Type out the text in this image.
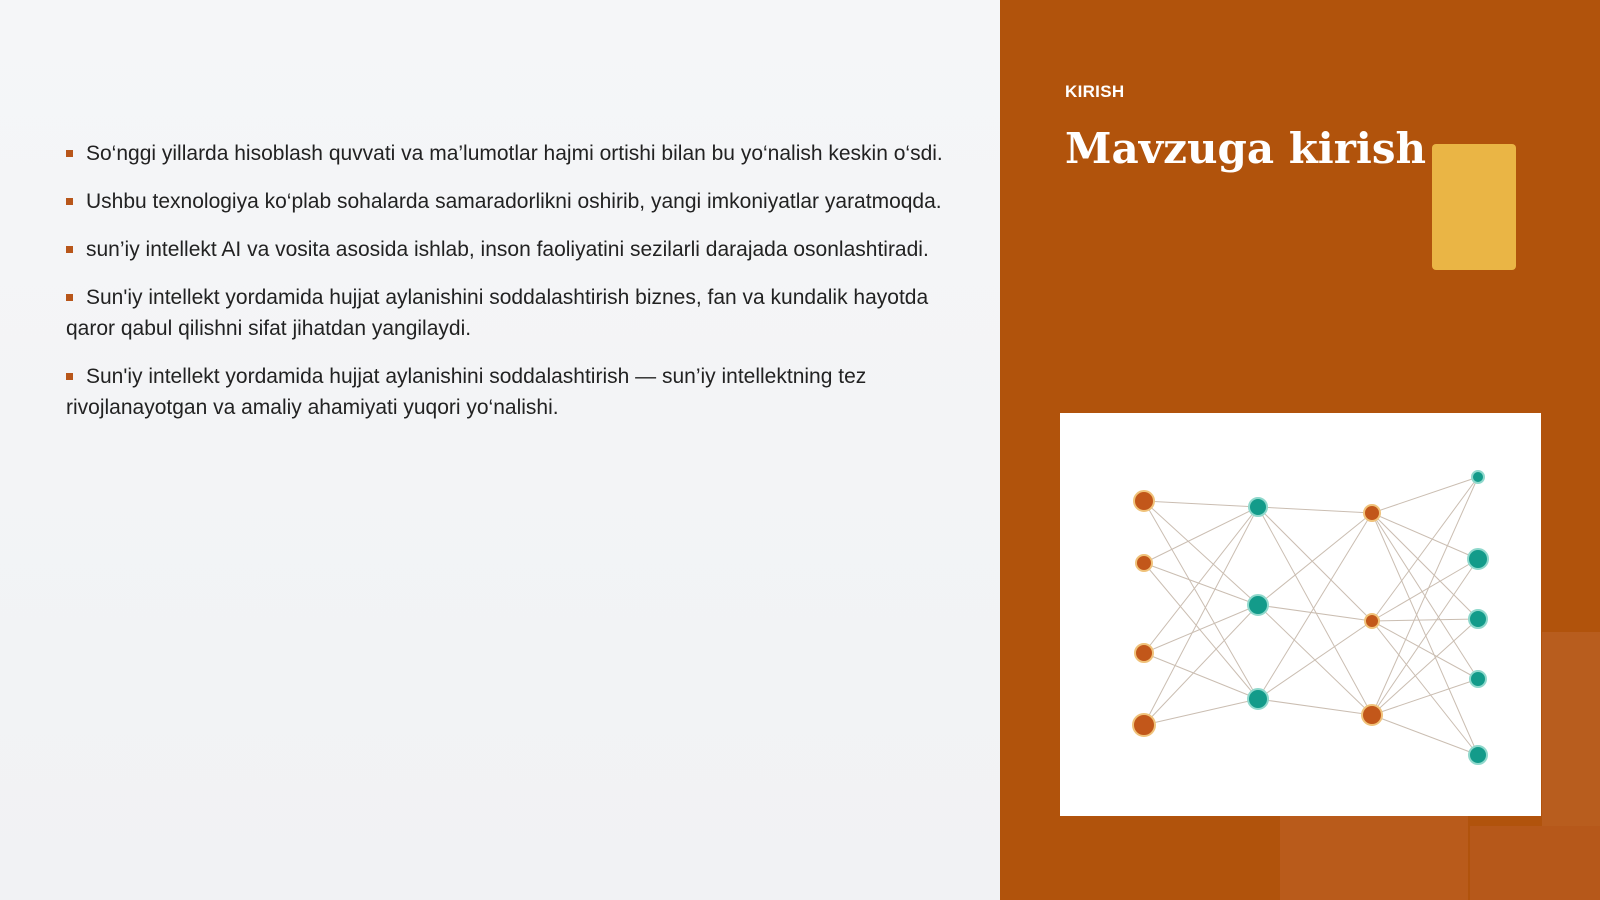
So‘nggi yillarda hisoblash quvvati va ma’lumotlar hajmi ortishi bilan bu yo‘nalish keskin o‘sdi.
Ushbu texnologiya ko‘plab sohalarda samaradorlikni oshirib, yangi imkoniyatlar yaratmoqda.
sun’iy intellekt AI va vosita asosida ishlab, inson faoliyatini sezilarli darajada osonlashtiradi.
Sun'iy intellekt yordamida hujjat aylanishini soddalashtirish biznes, fan va kundalik hayotda qaror qabul qilishni sifat jihatdan yangilaydi.
Sun'iy intellekt yordamida hujjat aylanishini soddalashtirish — sun’iy intellektning tez rivojlanayotgan va amaliy ahamiyati yuqori yo‘nalishi.
KIRISH
Mavzuga kirish
